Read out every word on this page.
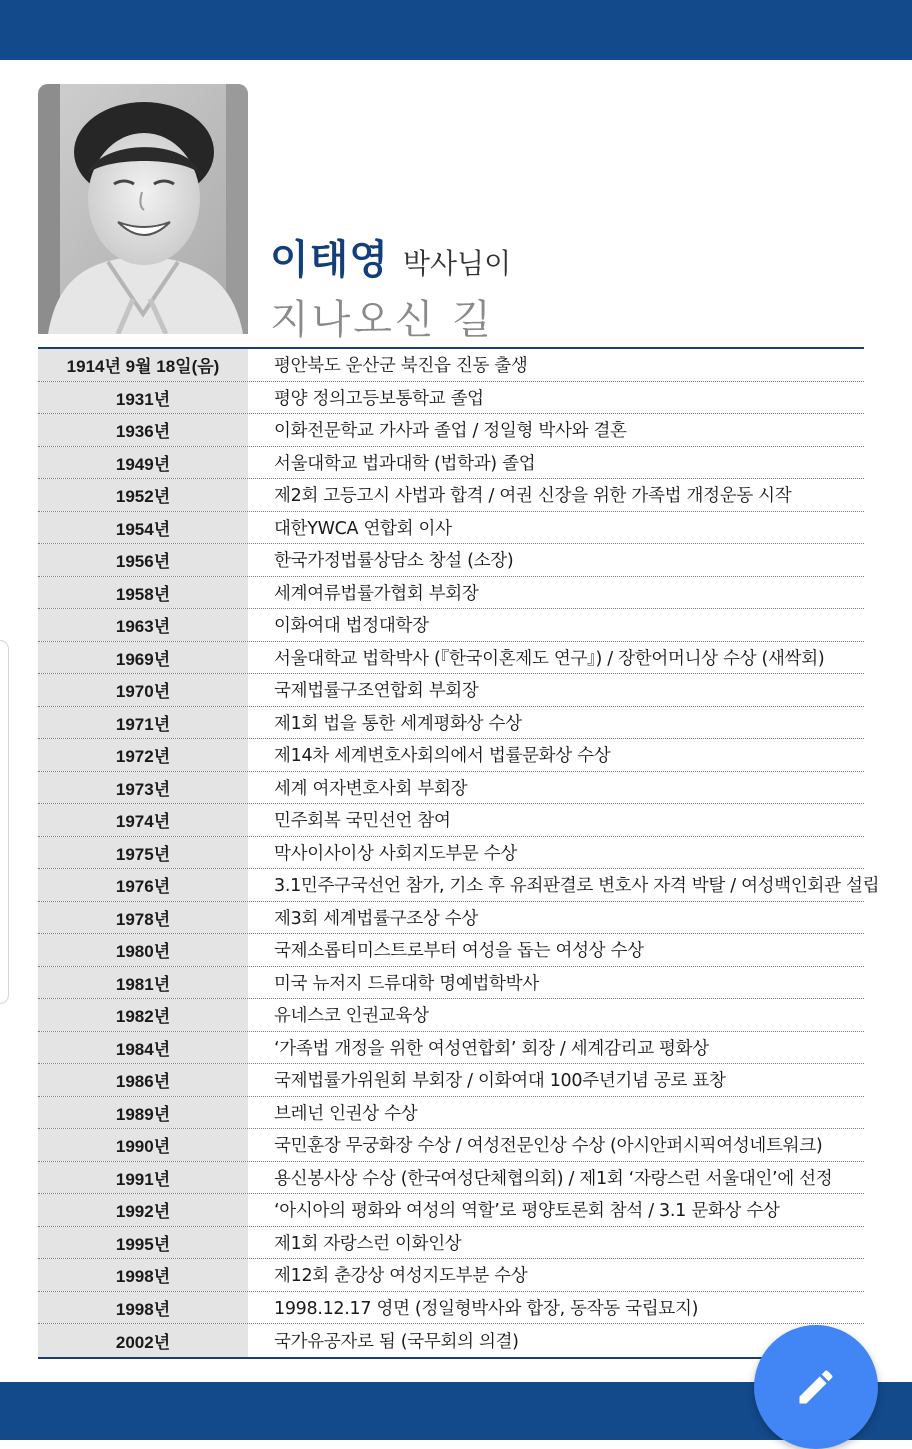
이태영 박사님이
지나오신 길
1914년 9월 18일(음)	평안북도 운산군 북진읍 진동 출생
1931년	평양 정의고등보통학교 졸업
1936년	이화전문학교 가사과 졸업 / 정일형 박사와 결혼
1949년	서울대학교 법과대학 (법학과) 졸업
1952년	제2회 고등고시 사법과 합격 / 여권 신장을 위한 가족법 개정운동 시작
1954년	대한YWCA 연합회 이사
1956년	한국가정법률상담소 창설 (소장)
1958년	세계여류법률가협회 부회장
1963년	이화여대 법정대학장
1969년	서울대학교 법학박사 (『한국이혼제도 연구』) / 장한어머니상 수상 (새싹회)
1970년	국제법률구조연합회 부회장
1971년	제1회 법을 통한 세계평화상 수상
1972년	제14차 세계변호사회의에서 법률문화상 수상
1973년	세계 여자변호사회 부회장
1974년	민주회복 국민선언 참여
1975년	막사이사이상 사회지도부문 수상
1976년	3.1민주구국선언 참가, 기소 후 유죄판결로 변호사 자격 박탈 / 여성백인회관 설립
1978년	제3회 세계법률구조상 수상
1980년	국제소롭티미스트로부터 여성을 돕는 여성상 수상
1981년	미국 뉴저지 드류대학 명예법학박사
1982년	유네스코 인권교육상
1984년	‘가족법 개정을 위한 여성연합회’ 회장 / 세계감리교 평화상
1986년	국제법률가위원회 부회장 / 이화여대 100주년기념 공로 표창
1989년	브레넌 인권상 수상
1990년	국민훈장 무궁화장 수상 / 여성전문인상 수상 (아시안퍼시픽여성네트워크)
1991년	용신봉사상 수상 (한국여성단체협의회) / 제1회 ‘자랑스런 서울대인’에 선정
1992년	‘아시아의 평화와 여성의 역할’로 평양토론회 참석 / 3.1 문화상 수상
1995년	제1회 자랑스런 이화인상
1998년	제12회 춘강상 여성지도부분 수상
1998년	1998.12.17 영면 (정일형박사와 합장, 동작동 국립묘지)
2002년	국가유공자로 됨 (국무회의 의결)
